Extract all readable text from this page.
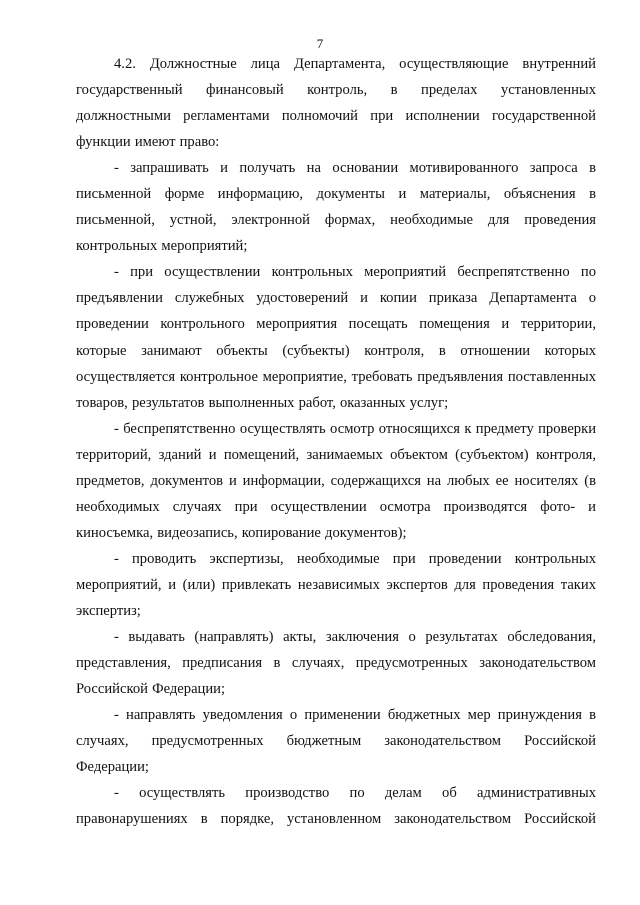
7

4.2. Должностные лица Департамента, осуществляющие внутренний государственный финансовый контроль, в пределах установленных должностными регламентами полномочий при исполнении государственной функции имеют право:

- запрашивать и получать на основании мотивированного запроса в письменной форме информацию, документы и материалы, объяснения в письменной, устной, электронной формах, необходимые для проведения контрольных мероприятий;

- при осуществлении контрольных мероприятий беспрепятственно по предъявлении служебных удостоверений и копии приказа Департамента о проведении контрольного мероприятия посещать помещения и территории, которые занимают объекты (субъекты) контроля, в отношении которых осуществляется контрольное мероприятие, требовать предъявления поставленных товаров, результатов выполненных работ, оказанных услуг;

- беспрепятственно осуществлять осмотр относящихся к предмету проверки территорий, зданий и помещений, занимаемых объектом (субъектом) контроля, предметов, документов и информации, содержащихся на любых ее носителях (в необходимых случаях при осуществлении осмотра производятся фото- и киносъемка, видеозапись, копирование документов);

- проводить экспертизы, необходимые при проведении контрольных мероприятий, и (или) привлекать независимых экспертов для проведения таких экспертиз;

- выдавать (направлять) акты, заключения о результатах обследования, представления, предписания в случаях, предусмотренных законодательством Российской Федерации;

- направлять уведомления о применении бюджетных мер принуждения в случаях, предусмотренных бюджетным законодательством Российской Федерации;

- осуществлять производство по делам об административных правонарушениях в порядке, установленном законодательством Российской
